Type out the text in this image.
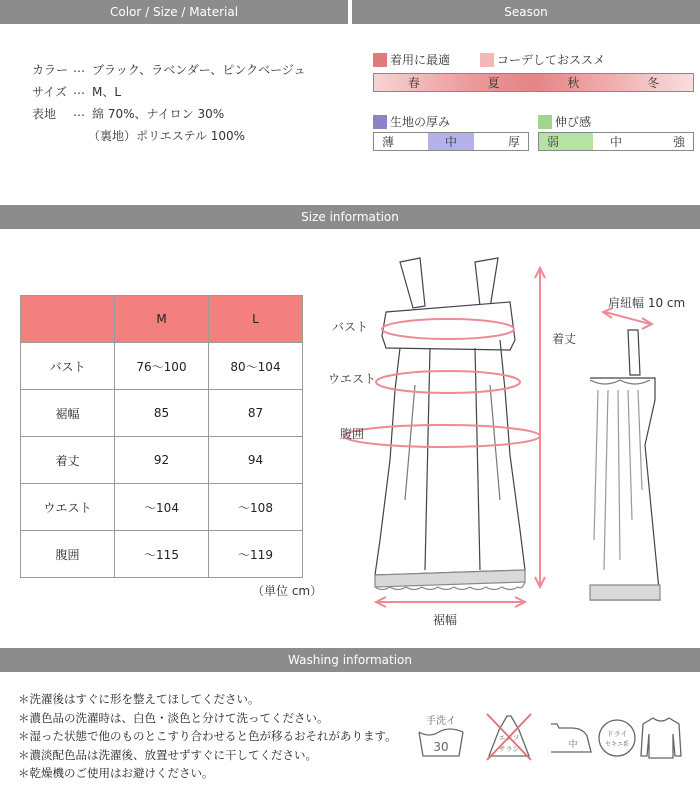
Color / Size / Material	Season
カラー … ブラック、ラベンダー、ピンクベージュ
サイズ … M、L
表地 … 綿 70%、ナイロン 30%
（裏地）ポリエステル 100%
着用に最適	コーデしておススメ
春	夏	秋	冬
生地の厚み
薄	中	厚
伸び感
弱	中	強
Size information
	M	L
バスト	76〜100	80〜104
裾幅	85	87
着丈	92	94
ウエスト	〜104	〜108
腹囲	〜115	〜119
（単位 cm）
バスト
ウエスト
腹囲
着丈
裾幅
肩紐幅 10 cm
Washing information
＊洗濯後はすぐに形を整えてほしてください。
＊濃色品の洗濯時は、白色・淡色と分けて洗ってください。
＊湿った状態で他のものとこすり合わせると色が移るおそれがあります。
＊濃淡配色品は洗濯後、放置せずすぐに干してください。
＊乾燥機のご使用はお避けください。
手洗イ
30
エンソ
サラシ	中
ドライ
セキユ系
